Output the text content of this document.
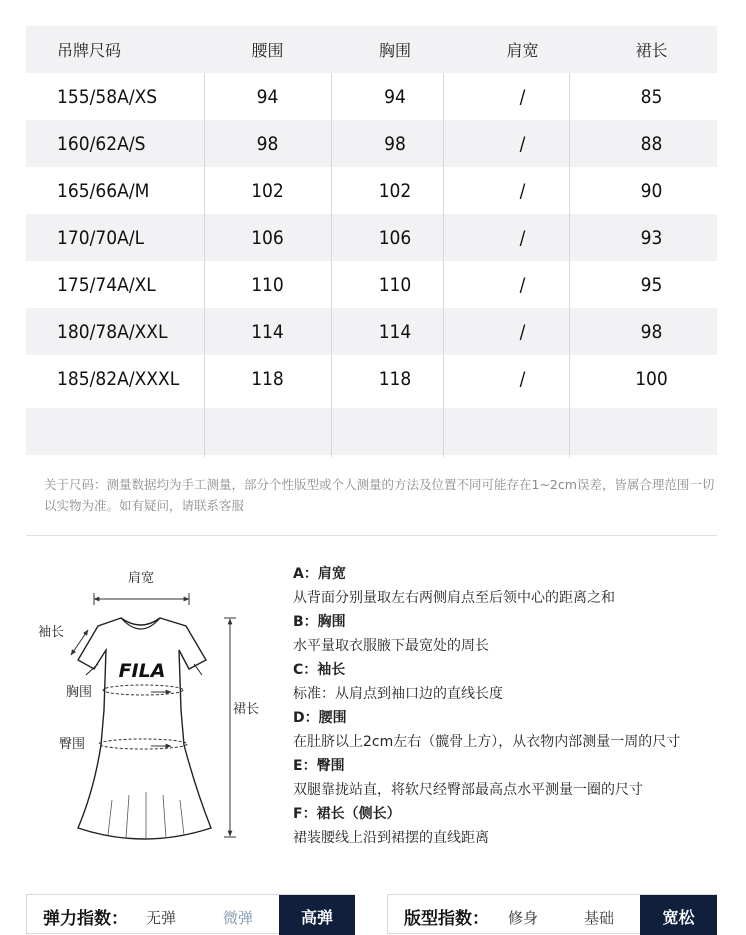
吊牌尺码	腰围	胸围	肩宽	裙长
155/58A/XS	94	94	/	85
160/62A/S	98	98	/	88
165/66A/M	102	102	/	90
170/70A/L	106	106	/	93
175/74A/XL	110	110	/	95
180/78A/XXL	114	114	/	98
185/82A/XXXL	118	118	/	100
关于尺码：测量数据均为手工测量，部分个性版型或个人测量的方法及位置不同可能存在1~2cm误差，皆属合理范围一切以实物为准。如有疑问，请联系客服
肩宽
袖长
FILA
胸围
臀围
裙长
A：肩宽
从背面分别量取左右两侧肩点至后领中心的距离之和
B：胸围
水平量取衣服腋下最宽处的周长
C：袖长
标准：从肩点到袖口边的直线长度
D：腰围
在肚脐以上2cm左右（髋骨上方），从衣物内部测量一周的尺寸
E：臀围
双腿靠拢站直，将软尺经臀部最高点水平测量一圈的尺寸
F：裙长（侧长）
裙装腰线上沿到裙摆的直线距离
弹力指数： 无弹	微弹	高弹	版型指数： 修身	基础	宽松
